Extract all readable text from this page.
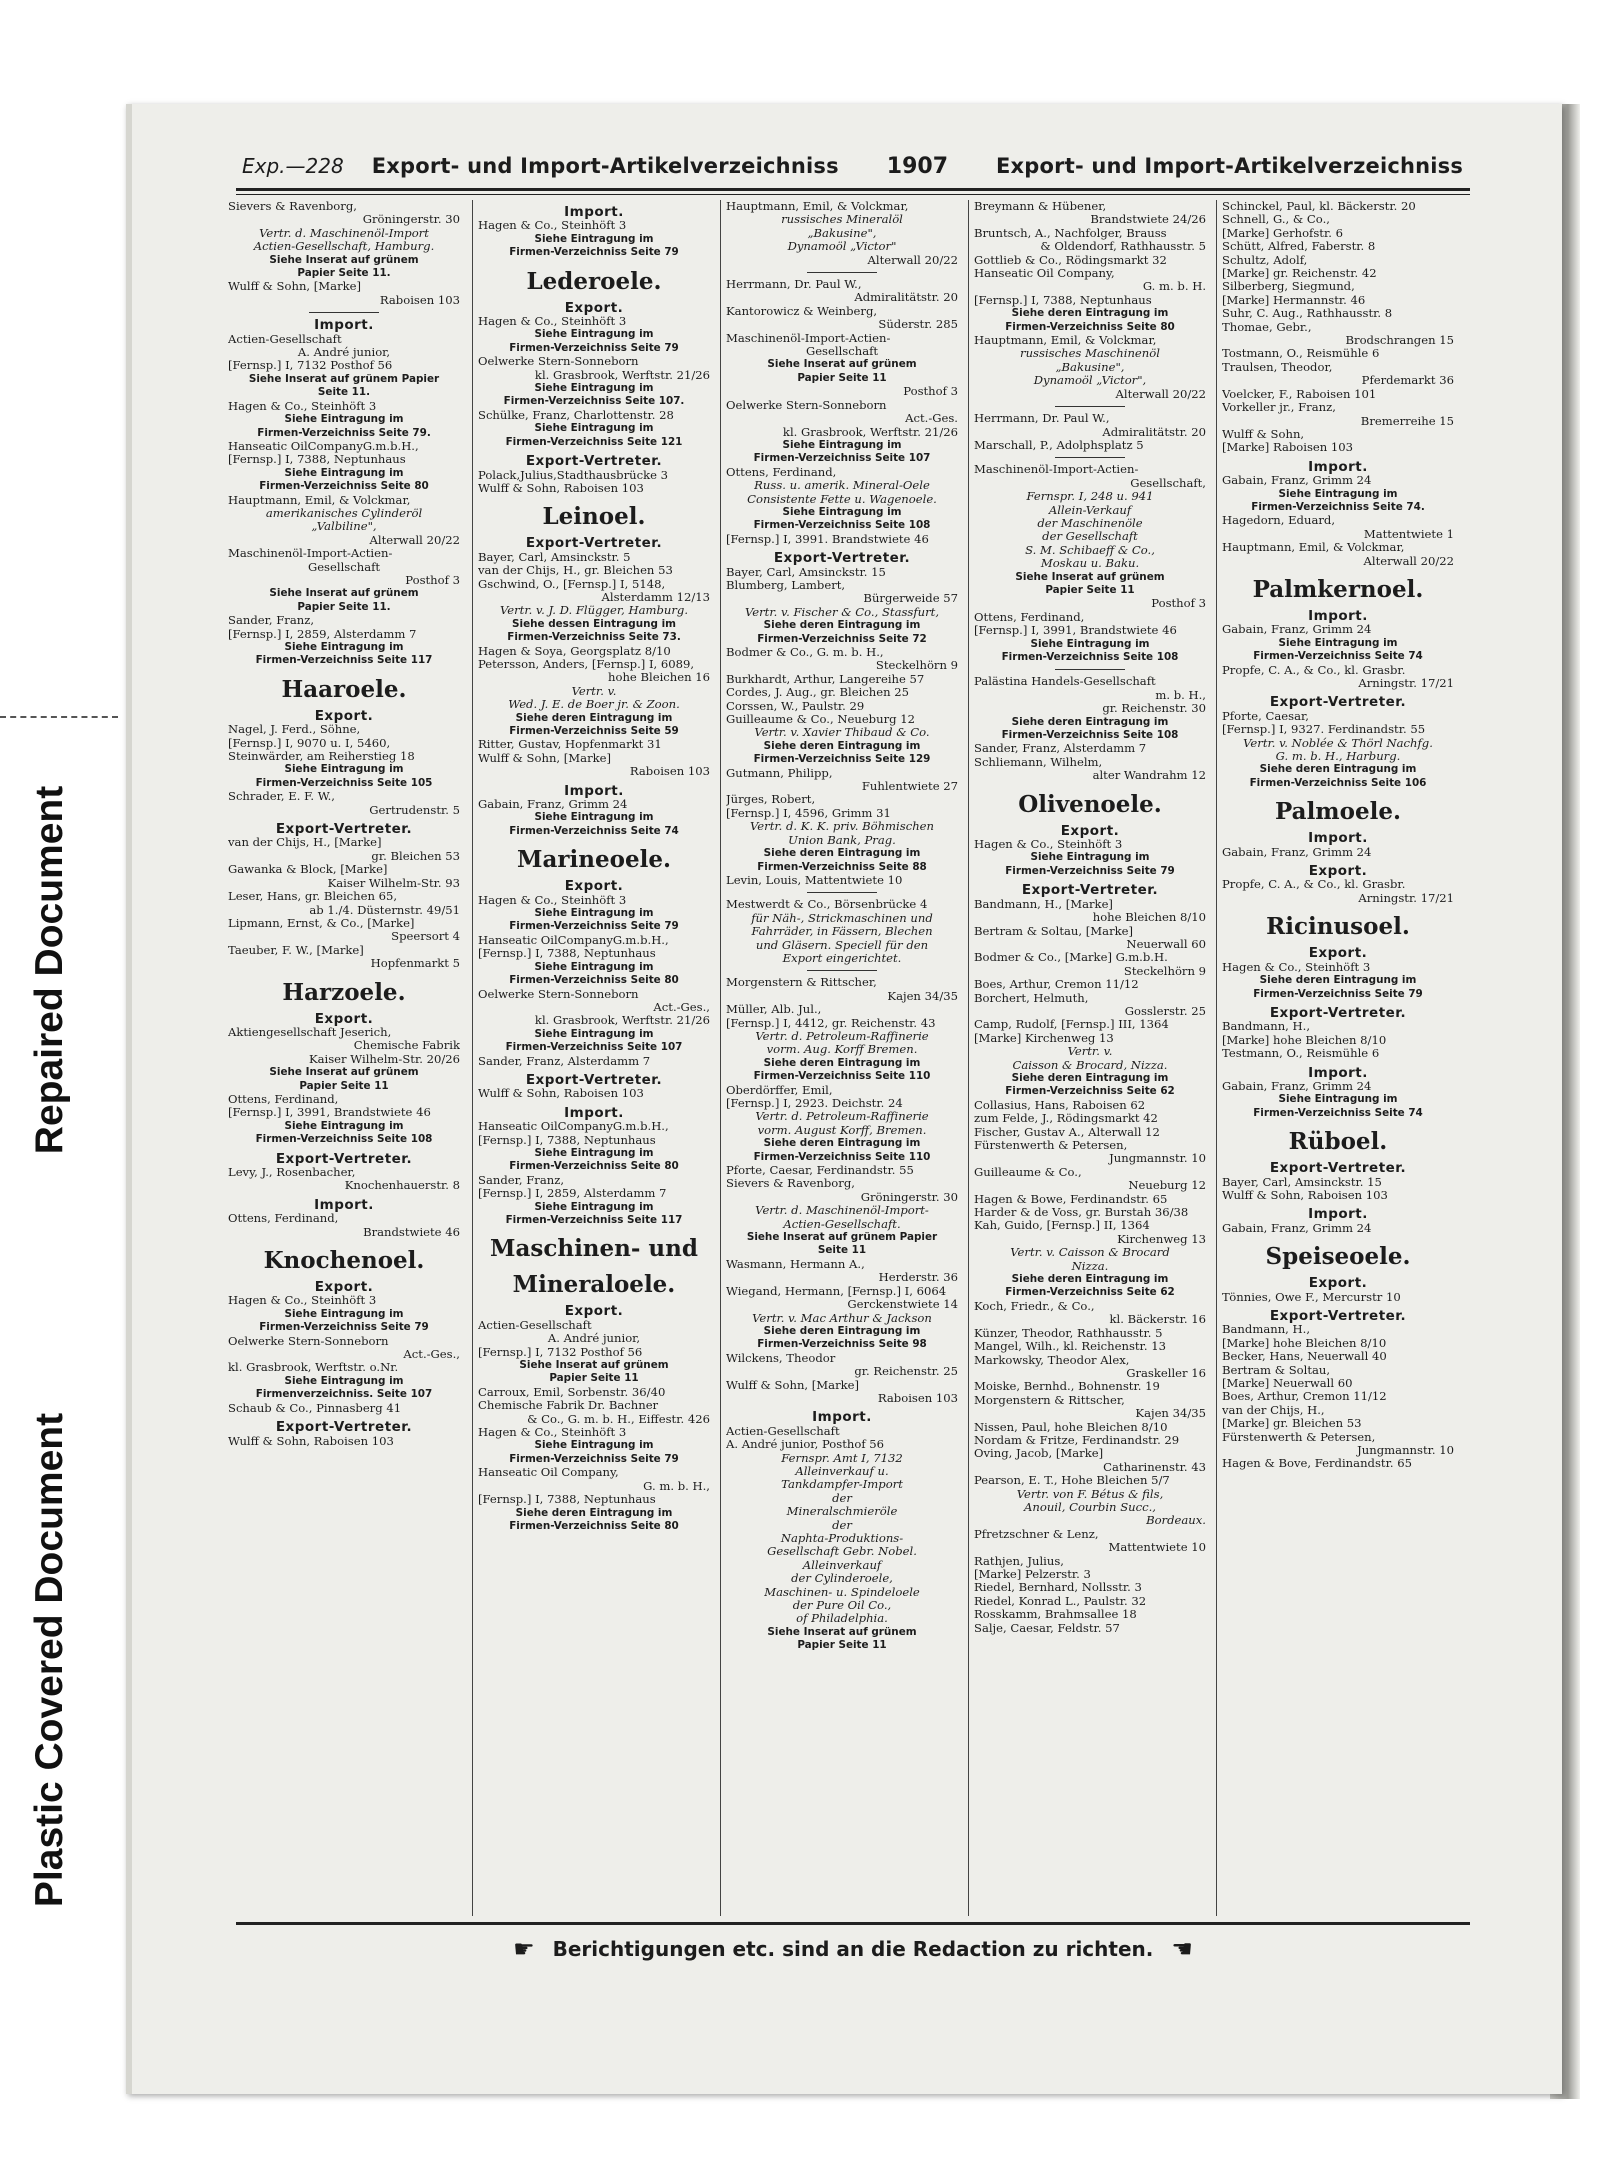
Repaired Document
Plastic Covered Document
Exp.—228 Export- und Import-Artikelverzeichniss 1907 Export- und Import-Artikelverzeichniss
Sievers & Ravenborg,
Gröningerstr. 30
Vertr. d. Maschinenöl-Import
Actien-Gesellschaft, Hamburg.
Siehe Inserat auf grünem
Papier Seite 11.
Wulff & Sohn, [Marke]
Raboisen 103
Import.
Actien-Gesellschaft
A. André junior,
[Fernsp.] I, 7132 Posthof 56
Siehe Inserat auf grünem Papier
Seite 11.
Hagen & Co., Steinhöft 3
Siehe Eintragung im
Firmen-Verzeichniss Seite 79.
Hanseatic OilCompanyG.m.b.H.,
[Fernsp.] I, 7388, Neptunhaus
Siehe Eintragung im
Firmen-Verzeichniss Seite 80
Hauptmann, Emil, & Volckmar,
amerikanisches Cylinderöl
„Valbiline",
Alterwall 20/22
Maschinenöl-Import-Actien-
Gesellschaft
Posthof 3
Siehe Inserat auf grünem
Papier Seite 11.
Sander, Franz,
[Fernsp.] I, 2859, Alsterdamm 7
Siehe Eintragung im
Firmen-Verzeichniss Seite 117
Haaroele.
Export.
Nagel, J. Ferd., Söhne,
[Fernsp.] I, 9070 u. I, 5460,
Steinwärder, am Reiherstieg 18
Siehe Eintragung im
Firmen-Verzeichniss Seite 105
Schrader, E. F. W.,
Gertrudenstr. 5
Export-Vertreter.
van der Chijs, H., [Marke]
gr. Bleichen 53
Gawanka & Block, [Marke]
Kaiser Wilhelm-Str. 93
Leser, Hans, gr. Bleichen 65,
ab 1./4. Düsternstr. 49/51
Lipmann, Ernst, & Co., [Marke]
Speersort 4
Taeuber, F. W., [Marke]
Hopfenmarkt 5
Harzoele.
Export.
Aktiengesellschaft Jeserich,
Chemische Fabrik
Kaiser Wilhelm-Str. 20/26
Siehe Inserat auf grünem
Papier Seite 11
Ottens, Ferdinand,
[Fernsp.] I, 3991, Brandstwiete 46
Siehe Eintragung im
Firmen-Verzeichniss Seite 108
Export-Vertreter.
Levy, J., Rosenbacher,
Knochenhauerstr. 8
Import.
Ottens, Ferdinand,
Brandstwiete 46
Knochenoel.
Export.
Hagen & Co., Steinhöft 3
Siehe Eintragung im
Firmen-Verzeichniss Seite 79
Oelwerke Stern-Sonneborn
Act.-Ges.,
kl. Grasbrook, Werftstr. o.Nr.
Siehe Eintragung im
Firmenverzeichniss. Seite 107
Schaub & Co., Pinnasberg 41
Export-Vertreter.
Wulff & Sohn, Raboisen 103
Import.
Hagen & Co., Steinhöft 3
Siehe Eintragung im
Firmen-Verzeichniss Seite 79
Lederoele.
Export.
Hagen & Co., Steinhöft 3
Siehe Eintragung im
Firmen-Verzeichniss Seite 79
Oelwerke Stern-Sonneborn
kl. Grasbrook, Werftstr. 21/26
Siehe Eintragung im
Firmen-Verzeichniss Seite 107.
Schülke, Franz, Charlottenstr. 28
Siehe Eintragung im
Firmen-Verzeichniss Seite 121
Export-Vertreter.
Polack,Julius,Stadthausbrücke 3
Wulff & Sohn, Raboisen 103
Leinoel.
Export-Vertreter.
Bayer, Carl, Amsinckstr. 5
van der Chijs, H., gr. Bleichen 53
Gschwind, O., [Fernsp.] I, 5148,
Alsterdamm 12/13
Vertr. v. J. D. Flügger, Hamburg.
Siehe dessen Eintragung im
Firmen-Verzeichniss Seite 73.
Hagen & Soya, Georgsplatz 8/10
Petersson, Anders, [Fernsp.] I, 6089,
hohe Bleichen 16
Vertr. v.
Wed. J. E. de Boer jr. & Zoon.
Siehe deren Eintragung im
Firmen-Verzeichniss Seite 59
Ritter, Gustav, Hopfenmarkt 31
Wulff & Sohn, [Marke]
Raboisen 103
Import.
Gabain, Franz, Grimm 24
Siehe Eintragung im
Firmen-Verzeichniss Seite 74
Marineoele.
Export.
Hagen & Co., Steinhöft 3
Siehe Eintragung im
Firmen-Verzeichniss Seite 79
Hanseatic OilCompanyG.m.b.H.,
[Fernsp.] I, 7388, Neptunhaus
Siehe Eintragung im
Firmen-Verzeichniss Seite 80
Oelwerke Stern-Sonneborn
Act.-Ges.,
kl. Grasbrook, Werftstr. 21/26
Siehe Eintragung im
Firmen-Verzeichniss Seite 107
Sander, Franz, Alsterdamm 7
Export-Vertreter.
Wulff & Sohn, Raboisen 103
Import.
Hanseatic OilCompanyG.m.b.H.,
[Fernsp.] I, 7388, Neptunhaus
Siehe Eintragung im
Firmen-Verzeichniss Seite 80
Sander, Franz,
[Fernsp.] I, 2859, Alsterdamm 7
Siehe Eintragung im
Firmen-Verzeichniss Seite 117
Maschinen- und
Mineraloele.
Export.
Actien-Gesellschaft
A. André junior,
[Fernsp.] I, 7132 Posthof 56
Siehe Inserat auf grünem
Papier Seite 11
Carroux, Emil, Sorbenstr. 36/40
Chemische Fabrik Dr. Bachner
& Co., G. m. b. H., Eiffestr. 426
Hagen & Co., Steinhöft 3
Siehe Eintragung im
Firmen-Verzeichniss Seite 79
Hanseatic Oil Company,
G. m. b. H.,
[Fernsp.] I, 7388, Neptunhaus
Siehe deren Eintragung im
Firmen-Verzeichniss Seite 80
Hauptmann, Emil, & Volckmar,
russisches Mineralöl
„Bakusine",
Dynamoöl „Victor"
Alterwall 20/22
Herrmann, Dr. Paul W.,
Admiralitätstr. 20
Kantorowicz & Weinberg,
Süderstr. 285
Maschinenöl-Import-Actien-
Gesellschaft
Siehe Inserat auf grünem
Papier Seite 11
Posthof 3
Oelwerke Stern-Sonneborn
Act.-Ges.
kl. Grasbrook, Werftstr. 21/26
Siehe Eintragung im
Firmen-Verzeichniss Seite 107
Ottens, Ferdinand,
Russ. u. amerik. Mineral-Oele
Consistente Fette u. Wagenoele.
Siehe Eintragung im
Firmen-Verzeichniss Seite 108
[Fernsp.] I, 3991. Brandstwiete 46
Export-Vertreter.
Bayer, Carl, Amsinckstr. 15
Blumberg, Lambert,
Bürgerweide 57
Vertr. v. Fischer & Co., Stassfurt,
Siehe deren Eintragung im
Firmen-Verzeichniss Seite 72
Bodmer & Co., G. m. b. H.,
Steckelhörn 9
Burkhardt, Arthur, Langereihe 57
Cordes, J. Aug., gr. Bleichen 25
Corssen, W., Paulstr. 29
Guilleaume & Co., Neueburg 12
Vertr. v. Xavier Thibaud & Co.
Siehe deren Eintragung im
Firmen-Verzeichniss Seite 129
Gutmann, Philipp,
Fuhlentwiete 27
Jürges, Robert,
[Fernsp.] I, 4596, Grimm 31
Vertr. d. K. K. priv. Böhmischen
Union Bank, Prag.
Siehe deren Eintragung im
Firmen-Verzeichniss Seite 88
Levin, Louis, Mattentwiete 10
Mestwerdt & Co., Börsenbrücke 4
für Näh-, Strickmaschinen und
Fahrräder, in Fässern, Blechen
und Gläsern. Speciell für den
Export eingerichtet.
Morgenstern & Rittscher,
Kajen 34/35
Müller, Alb. Jul.,
[Fernsp.] I, 4412, gr. Reichenstr. 43
Vertr. d. Petroleum-Raffinerie
vorm. Aug. Korff Bremen.
Siehe deren Eintragung im
Firmen-Verzeichniss Seite 110
Oberdörffer, Emil,
[Fernsp.] I, 2923. Deichstr. 24
Vertr. d. Petroleum-Raffinerie
vorm. August Korff, Bremen.
Siehe deren Eintragung im
Firmen-Verzeichniss Seite 110
Pforte, Caesar, Ferdinandstr. 55
Sievers & Ravenborg,
Gröningerstr. 30
Vertr. d. Maschinenöl-Import-
Actien-Gesellschaft.
Siehe Inserat auf grünem Papier
Seite 11
Wasmann, Hermann A.,
Herderstr. 36
Wiegand, Hermann, [Fernsp.] I, 6064
Gerckenstwiete 14
Vertr. v. Mac Arthur & Jackson
Siehe deren Eintragung im
Firmen-Verzeichniss Seite 98
Wilckens, Theodor
gr. Reichenstr. 25
Wulff & Sohn, [Marke]
Raboisen 103
Import.
Actien-Gesellschaft
A. André junior, Posthof 56
Fernspr. Amt I, 7132
Alleinverkauf u.
Tankdampfer-Import
der
Mineralschmieröle
der
Naphta-Produktions-
Gesellschaft Gebr. Nobel.
Alleinverkauf
der Cylinderoele,
Maschinen- u. Spindeloele
der Pure Oil Co.,
of Philadelphia.
Siehe Inserat auf grünem
Papier Seite 11
Breymann & Hübener,
Brandstwiete 24/26
Bruntsch, A., Nachfolger, Brauss
& Oldendorf, Rathhausstr. 5
Gottlieb & Co., Rödingsmarkt 32
Hanseatic Oil Company,
G. m. b. H.
[Fernsp.] I, 7388, Neptunhaus
Siehe deren Eintragung im
Firmen-Verzeichniss Seite 80
Hauptmann, Emil, & Volckmar,
russisches Maschinenöl
„Bakusine",
Dynamoöl „Victor",
Alterwall 20/22
Herrmann, Dr. Paul W.,
Admiralitätstr. 20
Marschall, P., Adolphsplatz 5
Maschinenöl-Import-Actien-
Gesellschaft,
Fernspr. I, 248 u. 941
Allein-Verkauf
der Maschinenöle
der Gesellschaft
S. M. Schibaeff & Co.,
Moskau u. Baku.
Siehe Inserat auf grünem
Papier Seite 11
Posthof 3
Ottens, Ferdinand,
[Fernsp.] I, 3991, Brandstwiete 46
Siehe Eintragung im
Firmen-Verzeichniss Seite 108
Palästina Handels-Gesellschaft
m. b. H.,
gr. Reichenstr. 30
Siehe deren Eintragung im
Firmen-Verzeichniss Seite 108
Sander, Franz, Alsterdamm 7
Schliemann, Wilhelm,
alter Wandrahm 12
Olivenoele.
Export.
Hagen & Co., Steinhöft 3
Siehe Eintragung im
Firmen-Verzeichniss Seite 79
Export-Vertreter.
Bandmann, H., [Marke]
hohe Bleichen 8/10
Bertram & Soltau, [Marke]
Neuerwall 60
Bodmer & Co., [Marke] G.m.b.H.
Steckelhörn 9
Boes, Arthur, Cremon 11/12
Borchert, Helmuth,
Gosslerstr. 25
Camp, Rudolf, [Fernsp.] III, 1364
[Marke] Kirchenweg 13
Vertr. v.
Caisson & Brocard, Nizza.
Siehe deren Eintragung im
Firmen-Verzeichniss Seite 62
Collasius, Hans, Raboisen 62
zum Felde, J., Rödingsmarkt 42
Fischer, Gustav A., Alterwall 12
Fürstenwerth & Petersen,
Jungmannstr. 10
Guilleaume & Co.,
Neueburg 12
Hagen & Bowe, Ferdinandstr. 65
Harder & de Voss, gr. Burstah 36/38
Kah, Guido, [Fernsp.] II, 1364
Kirchenweg 13
Vertr. v. Caisson & Brocard
Nizza.
Siehe deren Eintragung im
Firmen-Verzeichniss Seite 62
Koch, Friedr., & Co.,
kl. Bäckerstr. 16
Künzer, Theodor, Rathhausstr. 5
Mangel, Wilh., kl. Reichenstr. 13
Markowsky, Theodor Alex,
Graskeller 16
Moiske, Bernhd., Bohnenstr. 19
Morgenstern & Rittscher,
Kajen 34/35
Nissen, Paul, hohe Bleichen 8/10
Nordam & Fritze, Ferdinandstr. 29
Oving, Jacob, [Marke]
Catharinenstr. 43
Pearson, E. T., Hohe Bleichen 5/7
Vertr. von F. Bétus & fils,
Anouil, Courbin Succ.,
Bordeaux.
Pfretzschner & Lenz,
Mattentwiete 10
Rathjen, Julius,
[Marke] Pelzerstr. 3
Riedel, Bernhard, Nollsstr. 3
Riedel, Konrad L., Paulstr. 32
Rosskamm, Brahmsallee 18
Salje, Caesar, Feldstr. 57
Schinckel, Paul, kl. Bäckerstr. 20
Schnell, G., & Co.,
[Marke] Gerhofstr. 6
Schütt, Alfred, Faberstr. 8
Schultz, Adolf,
[Marke] gr. Reichenstr. 42
Silberberg, Siegmund,
[Marke] Hermannstr. 46
Suhr, C. Aug., Rathhausstr. 8
Thomae, Gebr.,
Brodschrangen 15
Tostmann, O., Reismühle 6
Traulsen, Theodor,
Pferdemarkt 36
Voelcker, F., Raboisen 101
Vorkeller jr., Franz,
Bremerreihe 15
Wulff & Sohn,
[Marke] Raboisen 103
Import.
Gabain, Franz, Grimm 24
Siehe Eintragung im
Firmen-Verzeichniss Seite 74.
Hagedorn, Eduard,
Mattentwiete 1
Hauptmann, Emil, & Volckmar,
Alterwall 20/22
Palmkernoel.
Import.
Gabain, Franz, Grimm 24
Siehe Eintragung im
Firmen-Verzeichniss Seite 74
Propfe, C. A., & Co., kl. Grasbr.
Arningstr. 17/21
Export-Vertreter.
Pforte, Caesar,
[Fernsp.] I, 9327. Ferdinandstr. 55
Vertr. v. Noblée & Thörl Nachfg.
G. m. b. H., Harburg.
Siehe deren Eintragung im
Firmen-Verzeichniss Seite 106
Palmoele.
Import.
Gabain, Franz, Grimm 24
Export.
Propfe, C. A., & Co., kl. Grasbr.
Arningstr. 17/21
Ricinusoel.
Export.
Hagen & Co., Steinhöft 3
Siehe deren Eintragung im
Firmen-Verzeichniss Seite 79
Export-Vertreter.
Bandmann, H.,
[Marke] hohe Bleichen 8/10
Testmann, O., Reismühle 6
Import.
Gabain, Franz, Grimm 24
Siehe Eintragung im
Firmen-Verzeichniss Seite 74
Rüboel.
Export-Vertreter.
Bayer, Carl, Amsinckstr. 15
Wulff & Sohn, Raboisen 103
Import.
Gabain, Franz, Grimm 24
Speiseoele.
Export.
Tönnies, Owe F., Mercurstr 10
Export-Vertreter.
Bandmann, H.,
[Marke] hohe Bleichen 8/10
Becker, Hans, Neuerwall 40
Bertram & Soltau,
[Marke] Neuerwall 60
Boes, Arthur, Cremon 11/12
van der Chijs, H.,
[Marke] gr. Bleichen 53
Fürstenwerth & Petersen,
Jungmannstr. 10
Hagen & Bove, Ferdinandstr. 65
☛ Berichtigungen etc. sind an die Redaction zu richten. ☚
